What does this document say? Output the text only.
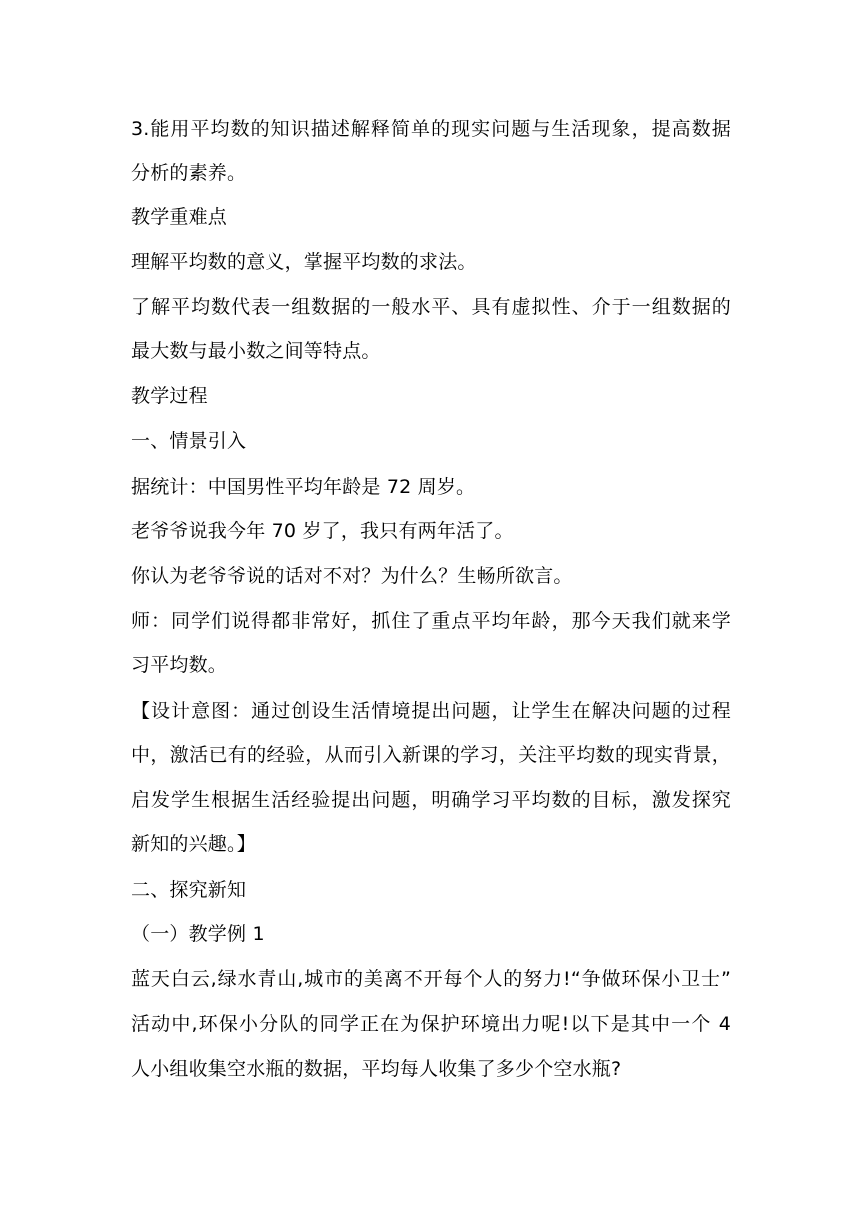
3.能用平均数的知识描述解释简单的现实问题与生活现象，提高数据
分析的素养。
教学重难点
理解平均数的意义，掌握平均数的求法。
了解平均数代表一组数据的一般水平、具有虚拟性、介于一组数据的
最大数与最小数之间等特点。
教学过程
一、情景引入
据统计：中国男性平均年龄是 72 周岁。
老爷爷说我今年 70 岁了，我只有两年活了。
你认为老爷爷说的话对不对？为什么？生畅所欲言。
师：同学们说得都非常好，抓住了重点平均年龄，那今天我们就来学
习平均数。
【设计意图：通过创设生活情境提出问题，让学生在解决问题的过程
中，激活已有的经验，从而引入新课的学习，关注平均数的现实背景，
启发学生根据生活经验提出问题，明确学习平均数的目标，激发探究
新知的兴趣。】
二、探究新知
（一）教学例 1
蓝天白云,绿水青山,城市的美离不开每个人的努力!“争做环保小卫士”
活动中,环保小分队的同学正在为保护环境出力呢!以下是其中一个 4
人小组收集空水瓶的数据，平均每人收集了多少个空水瓶?
